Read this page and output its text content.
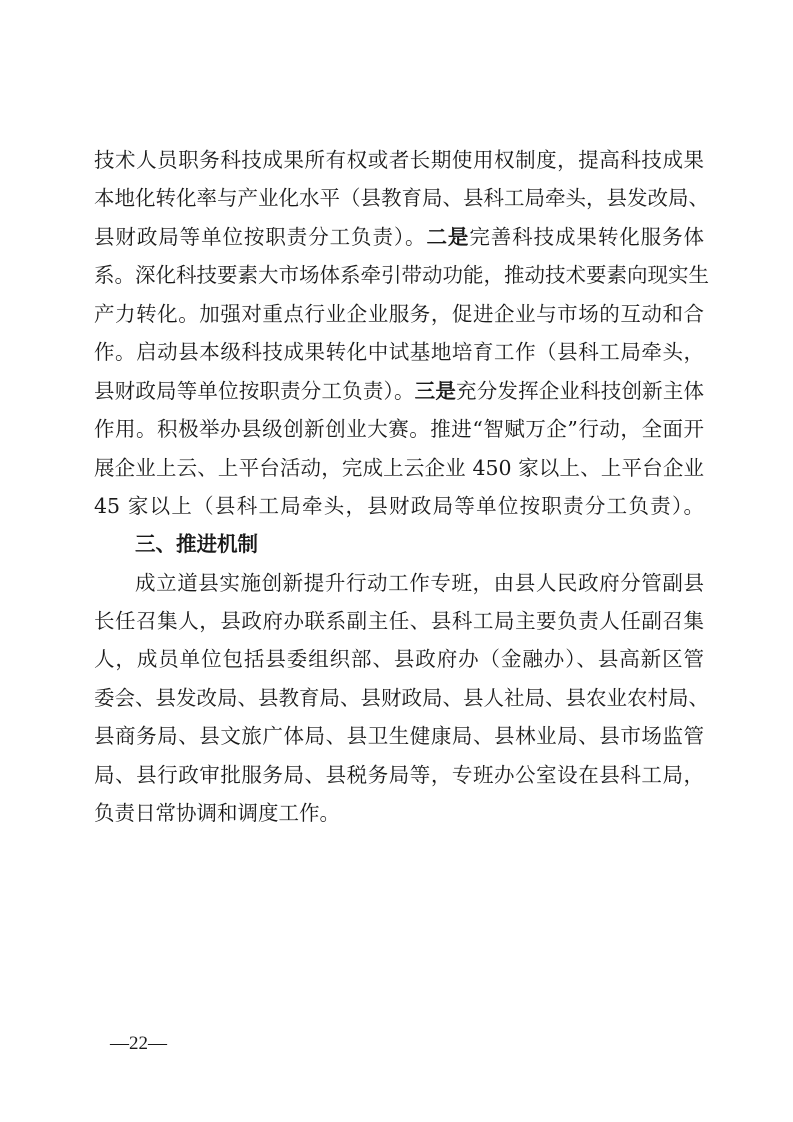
技术人员职务科技成果所有权或者长期使用权制度，提高科技成果
本地化转化率与产业化水平（县教育局、县科工局牵头，县发改局、
县财政局等单位按职责分工负责）。二是完善科技成果转化服务体
系。深化科技要素大市场体系牵引带动功能，推动技术要素向现实生
产力转化。加强对重点行业企业服务，促进企业与市场的互动和合
作。启动县本级科技成果转化中试基地培育工作（县科工局牵头，
县财政局等单位按职责分工负责）。三是充分发挥企业科技创新主体
作用。积极举办县级创新创业大赛。推进“智赋万企”行动，全面开
展企业上云、上平台活动，完成上云企业 450 家以上、上平台企业
45 家以上（县科工局牵头，县财政局等单位按职责分工负责）。
三、推进机制
成立道县实施创新提升行动工作专班，由县人民政府分管副县
长任召集人，县政府办联系副主任、县科工局主要负责人任副召集
人，成员单位包括县委组织部、县政府办（金融办）、县高新区管
委会、县发改局、县教育局、县财政局、县人社局、县农业农村局、
县商务局、县文旅广体局、县卫生健康局、县林业局、县市场监管
局、县行政审批服务局、县税务局等，专班办公室设在县科工局，
负责日常协调和调度工作。
—22—
